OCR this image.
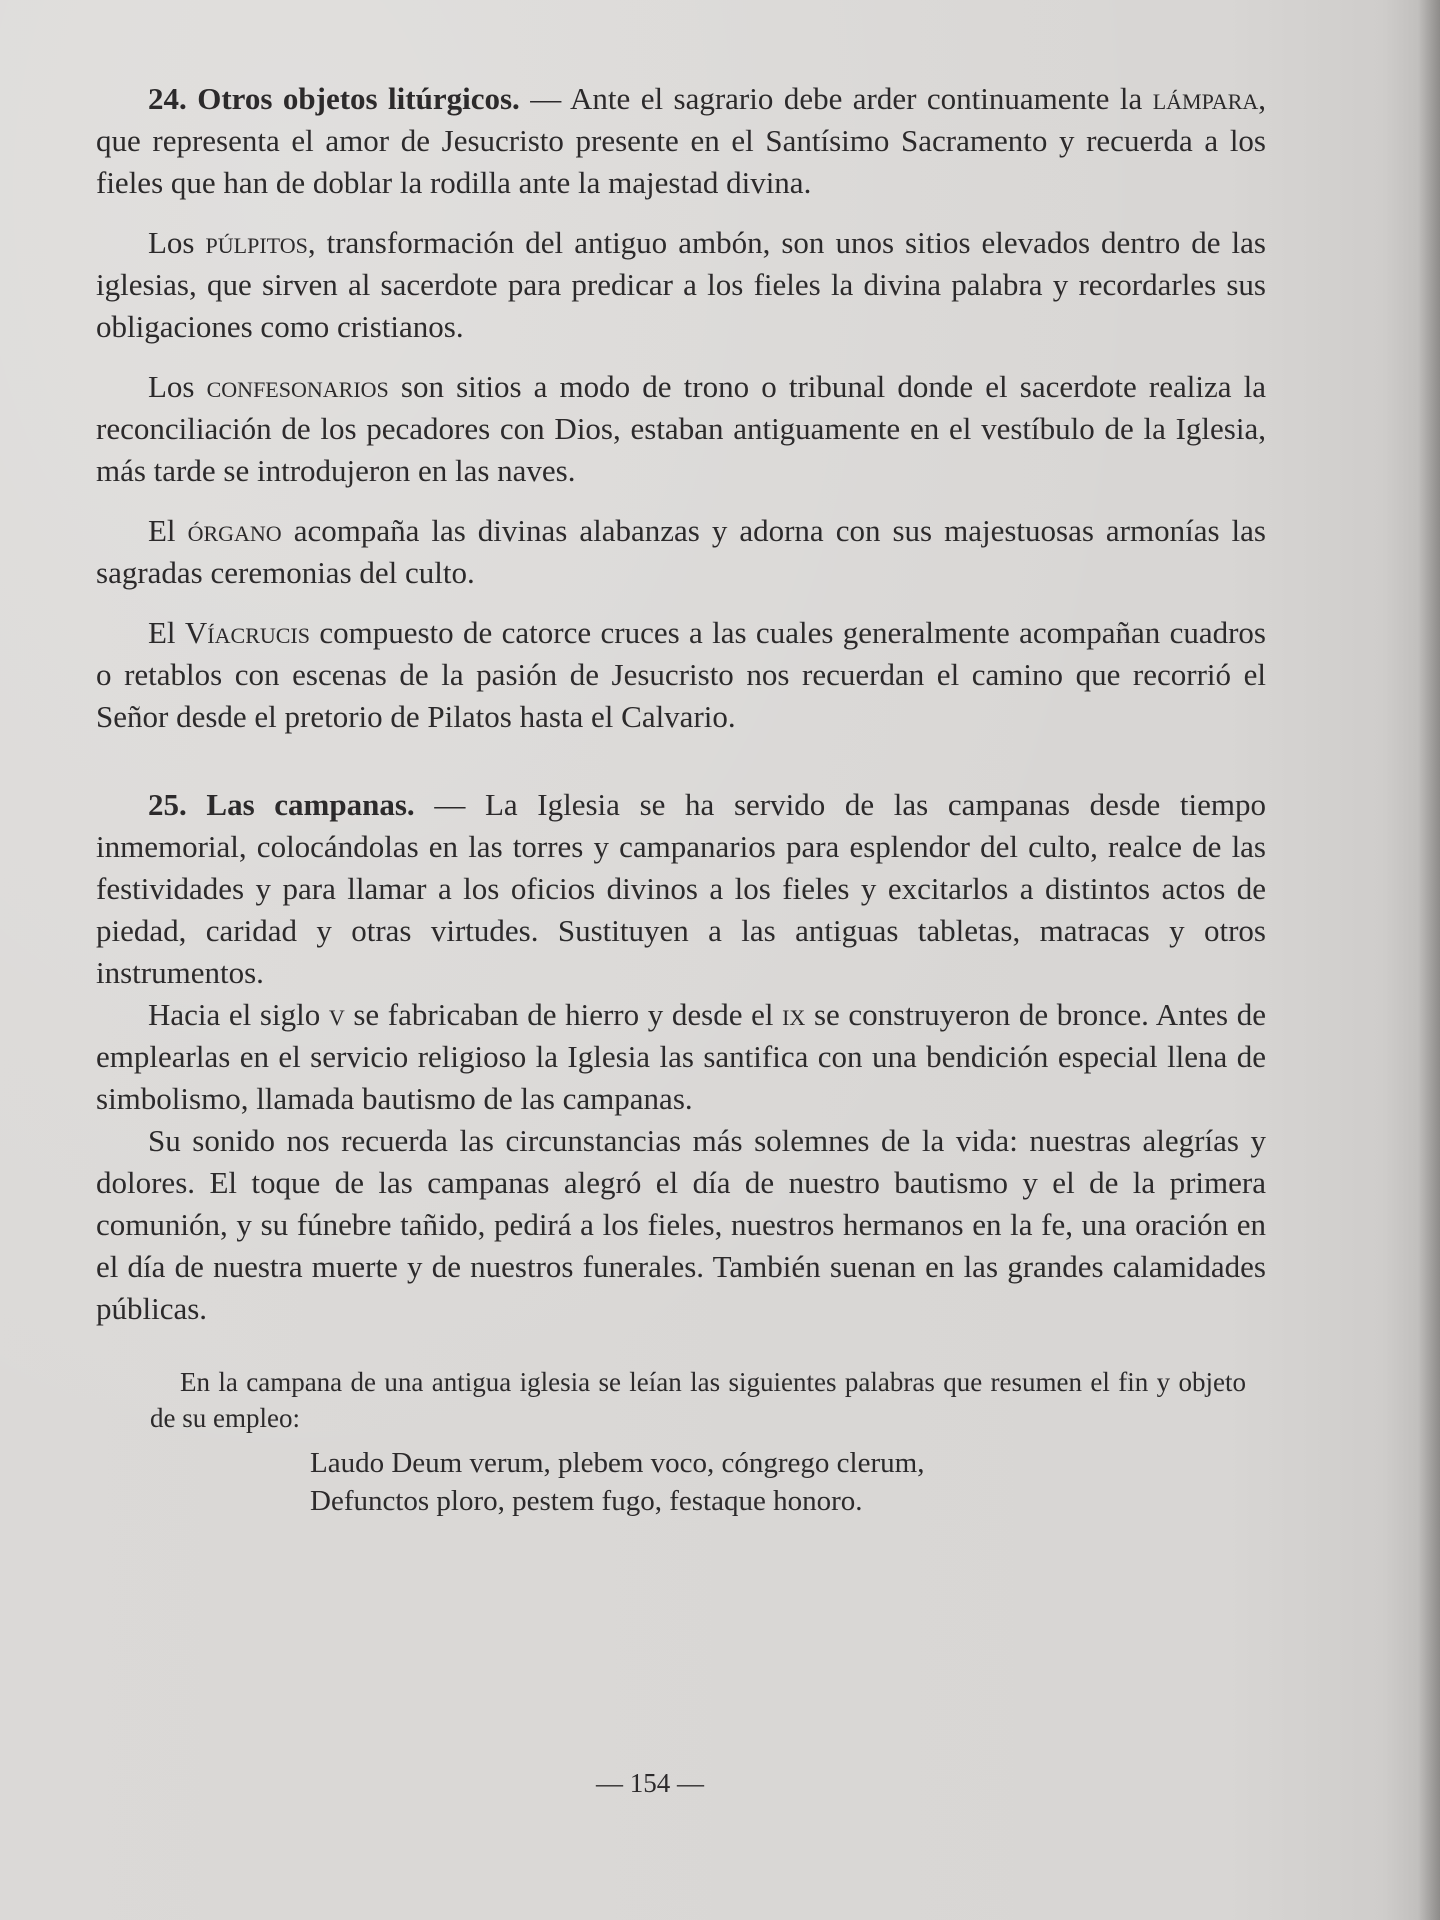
24. Otros objetos litúrgicos. — Ante el sagrario debe arder continuamente la lámpara, que representa el amor de Jesucristo presente en el Santísimo Sacramento y recuerda a los fieles que han de doblar la rodilla ante la majestad divina.

Los púlpitos, transformación del antiguo ambón, son unos sitios elevados dentro de las iglesias, que sirven al sacerdote para predicar a los fieles la divina palabra y recordarles sus obligaciones como cristianos.

Los confesonarios son sitios a modo de trono o tribunal donde el sacerdote realiza la reconciliación de los pecadores con Dios, estaban antiguamente en el vestíbulo de la Iglesia, más tarde se introdujeron en las naves.

El órgano acompaña las divinas alabanzas y adorna con sus majestuosas armonías las sagradas ceremonias del culto.

El Víacrucis compuesto de catorce cruces a las cuales generalmente acompañan cuadros o retablos con escenas de la pasión de Jesucristo nos recuerdan el camino que recorrió el Señor desde el pretorio de Pilatos hasta el Calvario.

25. Las campanas. — La Iglesia se ha servido de las campanas desde tiempo inmemorial, colocándolas en las torres y campanarios para esplendor del culto, realce de las festividades y para llamar a los oficios divinos a los fieles y excitarlos a distintos actos de piedad, caridad y otras virtudes. Sustituyen a las antiguas tabletas, matracas y otros instrumentos.

Hacia el siglo v se fabricaban de hierro y desde el ix se construyeron de bronce. Antes de emplearlas en el servicio religioso la Iglesia las santifica con una bendición especial llena de simbolismo, llamada bautismo de las campanas.

Su sonido nos recuerda las circunstancias más solemnes de la vida: nuestras alegrías y dolores. El toque de las campanas alegró el día de nuestro bautismo y el de la primera comunión, y su fúnebre tañido, pedirá a los fieles, nuestros hermanos en la fe, una oración en el día de nuestra muerte y de nuestros funerales. También suenan en las grandes calamidades públicas.

En la campana de una antigua iglesia se leían las siguientes palabras que resumen el fin y objeto de su empleo:

Laudo Deum verum, plebem voco, cóngrego clerum,
Defunctos ploro, pestem fugo, festaque honoro.
— 154 —
